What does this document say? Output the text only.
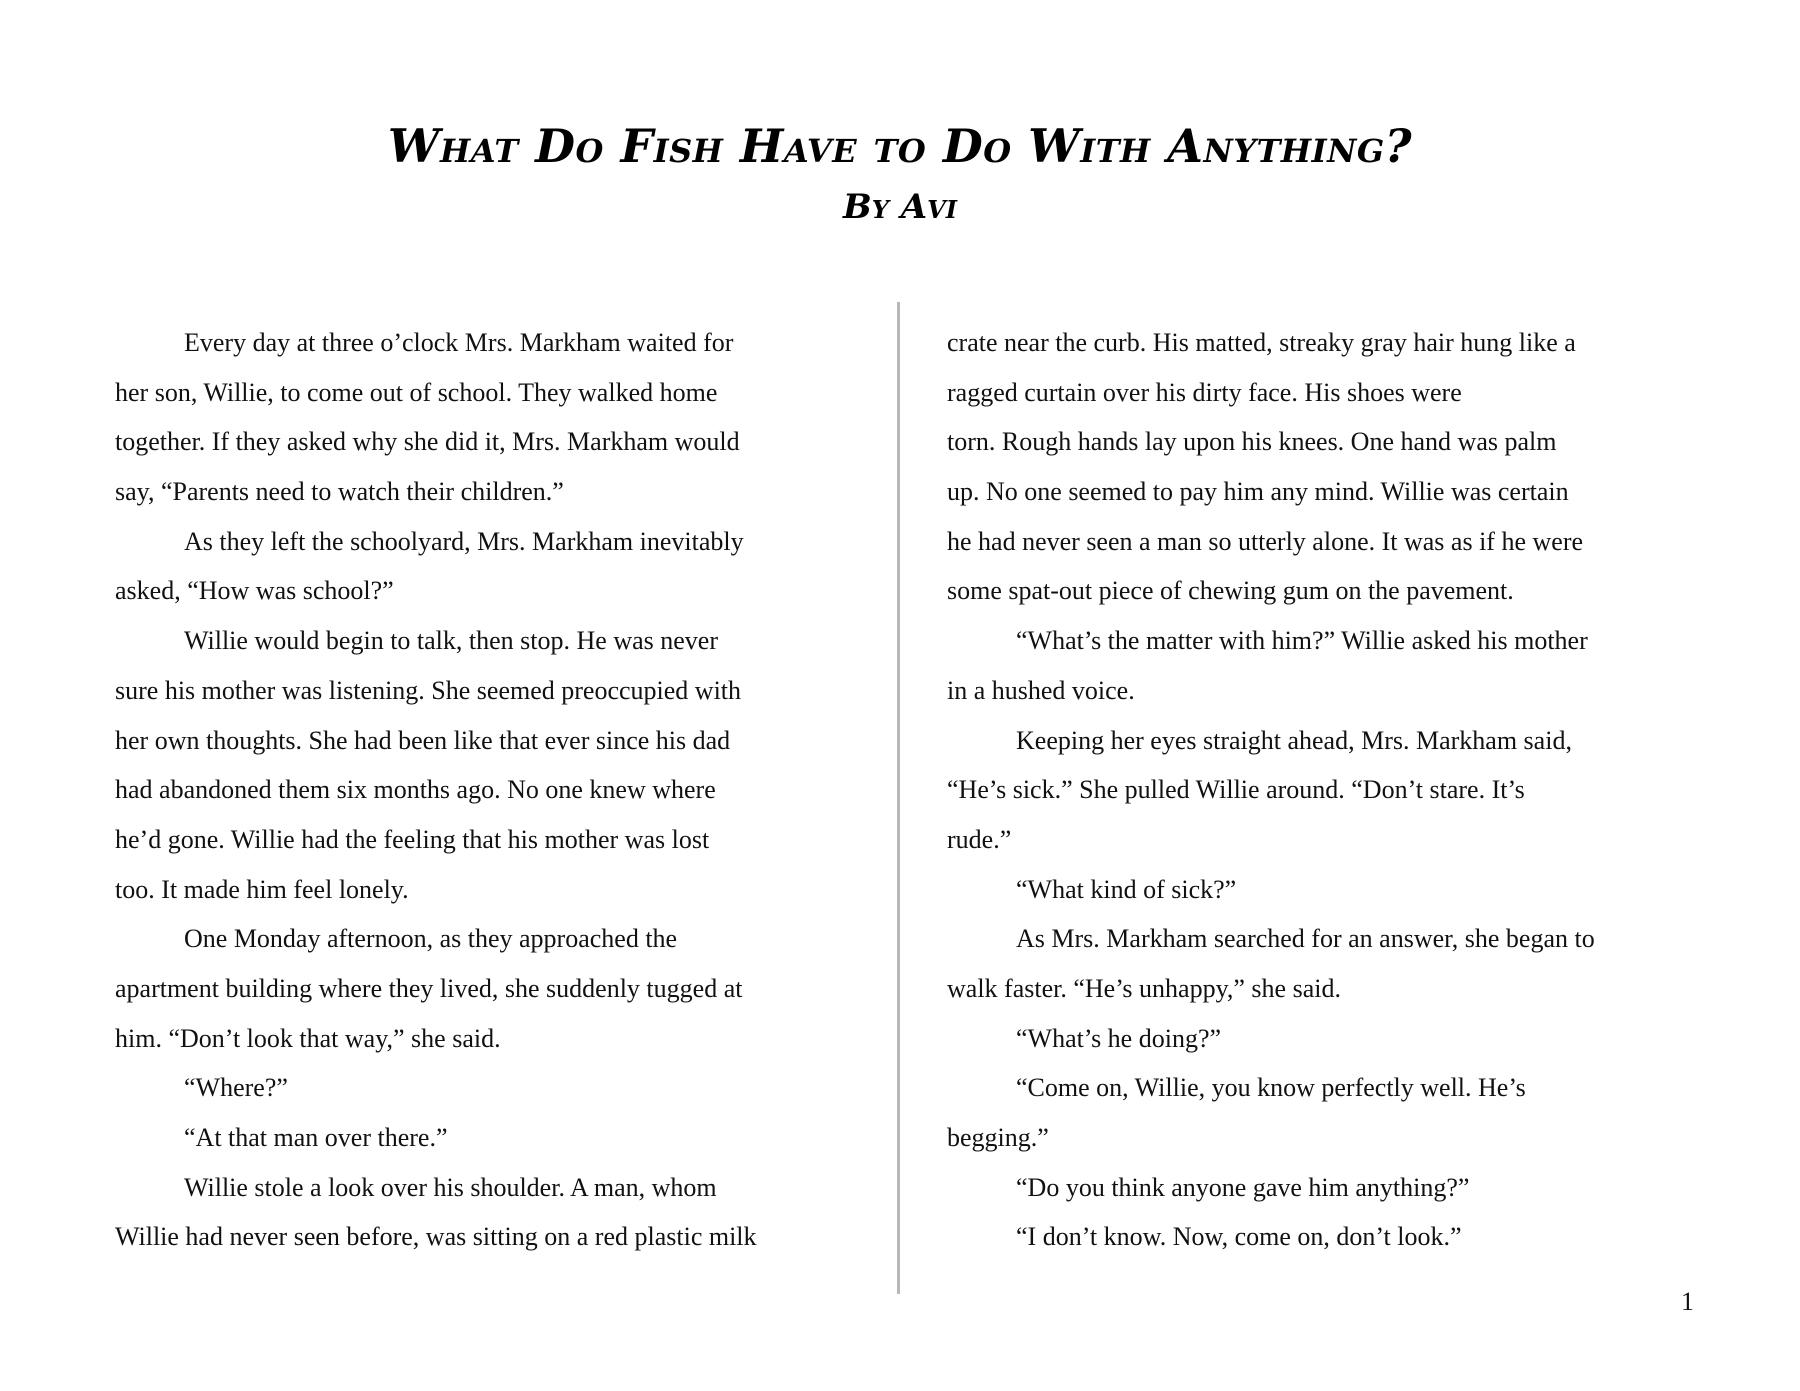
What Do Fish Have to Do With Anything?
By Avi
Every day at three o’clock Mrs. Markham waited for
her son, Willie, to come out of school. They walked home
together. If they asked why she did it, Mrs. Markham would
say, “Parents need to watch their children.”
As they left the schoolyard, Mrs. Markham inevitably
asked, “How was school?”
Willie would begin to talk, then stop. He was never
sure his mother was listening. She seemed preoccupied with
her own thoughts. She had been like that ever since his dad
had abandoned them six months ago. No one knew where
he’d gone. Willie had the feeling that his mother was lost
too. It made him feel lonely.
One Monday afternoon, as they approached the
apartment building where they lived, she suddenly tugged at
him. “Don’t look that way,” she said.
“Where?”
“At that man over there.”
Willie stole a look over his shoulder. A man, whom
Willie had never seen before, was sitting on a red plastic milk
crate near the curb. His matted, streaky gray hair hung like a
ragged curtain over his dirty face. His shoes were
torn. Rough hands lay upon his knees. One hand was palm
up. No one seemed to pay him any mind. Willie was certain
he had never seen a man so utterly alone. It was as if he were
some spat-out piece of chewing gum on the pavement.
“What’s the matter with him?” Willie asked his mother
in a hushed voice.
Keeping her eyes straight ahead, Mrs. Markham said,
“He’s sick.” She pulled Willie around. “Don’t stare. It’s
rude.”
“What kind of sick?”
As Mrs. Markham searched for an answer, she began to
walk faster. “He’s unhappy,” she said.
“What’s he doing?”
“Come on, Willie, you know perfectly well. He’s
begging.”
“Do you think anyone gave him anything?”
“I don’t know. Now, come on, don’t look.”
1
